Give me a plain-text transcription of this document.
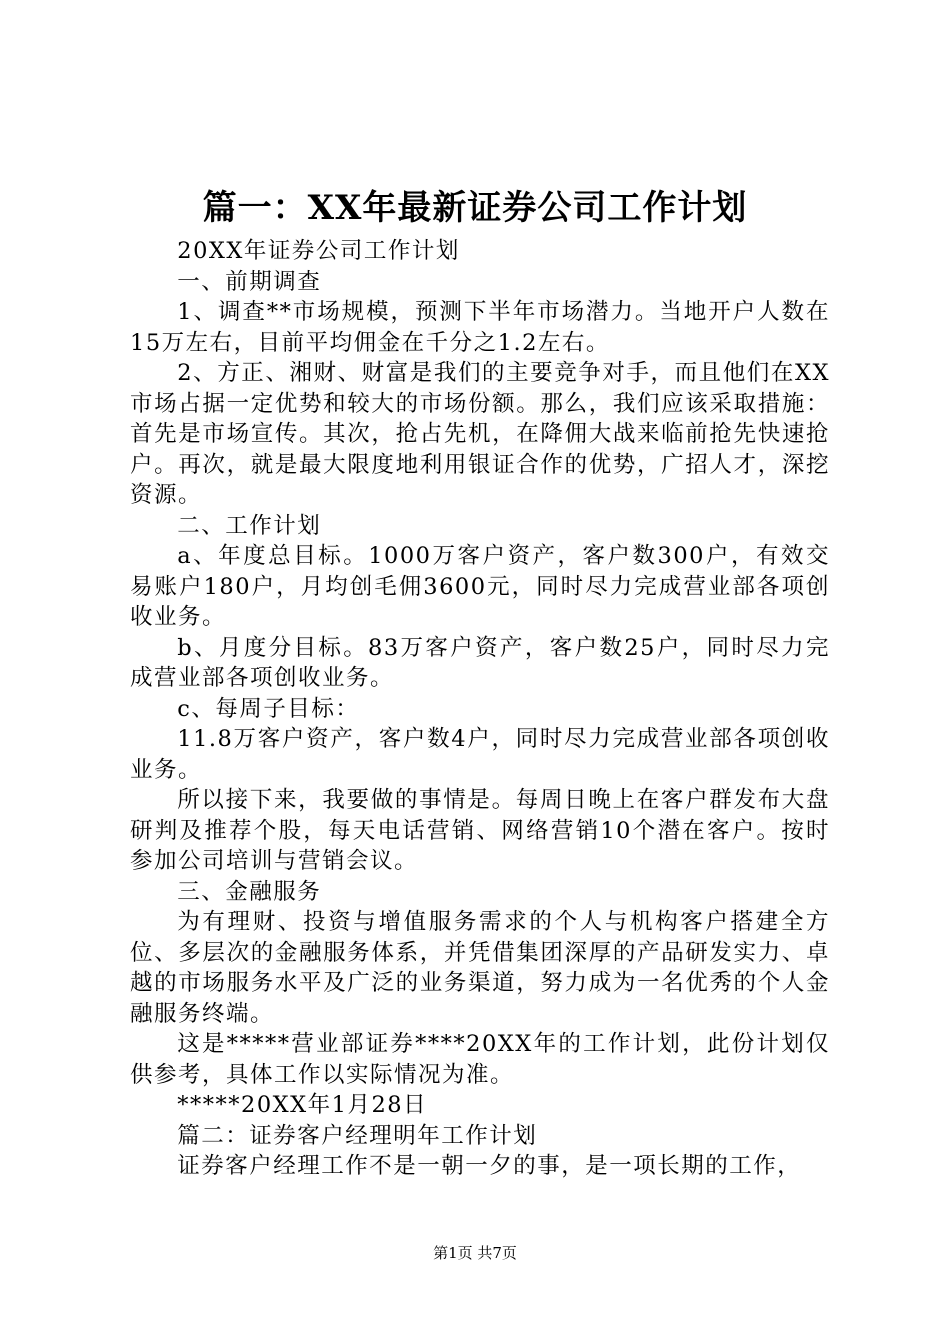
篇一：XX年最新证券公司工作计划

20XX年证券公司工作计划

一、前期调查

1、调查**市场规模，预测下半年市场潜力。当地开户人数在15万左右，目前平均佣金在千分之1.2左右。

2、方正、湘财、财富是我们的主要竞争对手，而且他们在XX市场占据一定优势和较大的市场份额。那么，我们应该采取措施：首先是市场宣传。其次，抢占先机，在降佣大战来临前抢先快速抢户。再次，就是最大限度地利用银证合作的优势，广招人才，深挖资源。

二、工作计划

a、年度总目标。1000万客户资产，客户数300户，有效交易账户180户，月均创毛佣3600元，同时尽力完成营业部各项创收业务。

b、月度分目标。83万客户资产，客户数25户，同时尽力完成营业部各项创收业务。

c、每周子目标：

11.8万客户资产，客户数4户，同时尽力完成营业部各项创收业务。

所以接下来，我要做的事情是。每周日晚上在客户群发布大盘研判及推荐个股，每天电话营销、网络营销10个潜在客户。按时参加公司培训与营销会议。

三、金融服务

为有理财、投资与增值服务需求的个人与机构客户搭建全方位、多层次的金融服务体系，并凭借集团深厚的产品研发实力、卓越的市场服务水平及广泛的业务渠道，努力成为一名优秀的个人金融服务终端。

这是*****营业部证券****20XX年的工作计划，此份计划仅供参考，具体工作以实际情况为准。

*****20XX年1月28日

篇二：证券客户经理明年工作计划

证券客户经理工作不是一朝一夕的事，是一项长期的工作，

第1页 共7页
